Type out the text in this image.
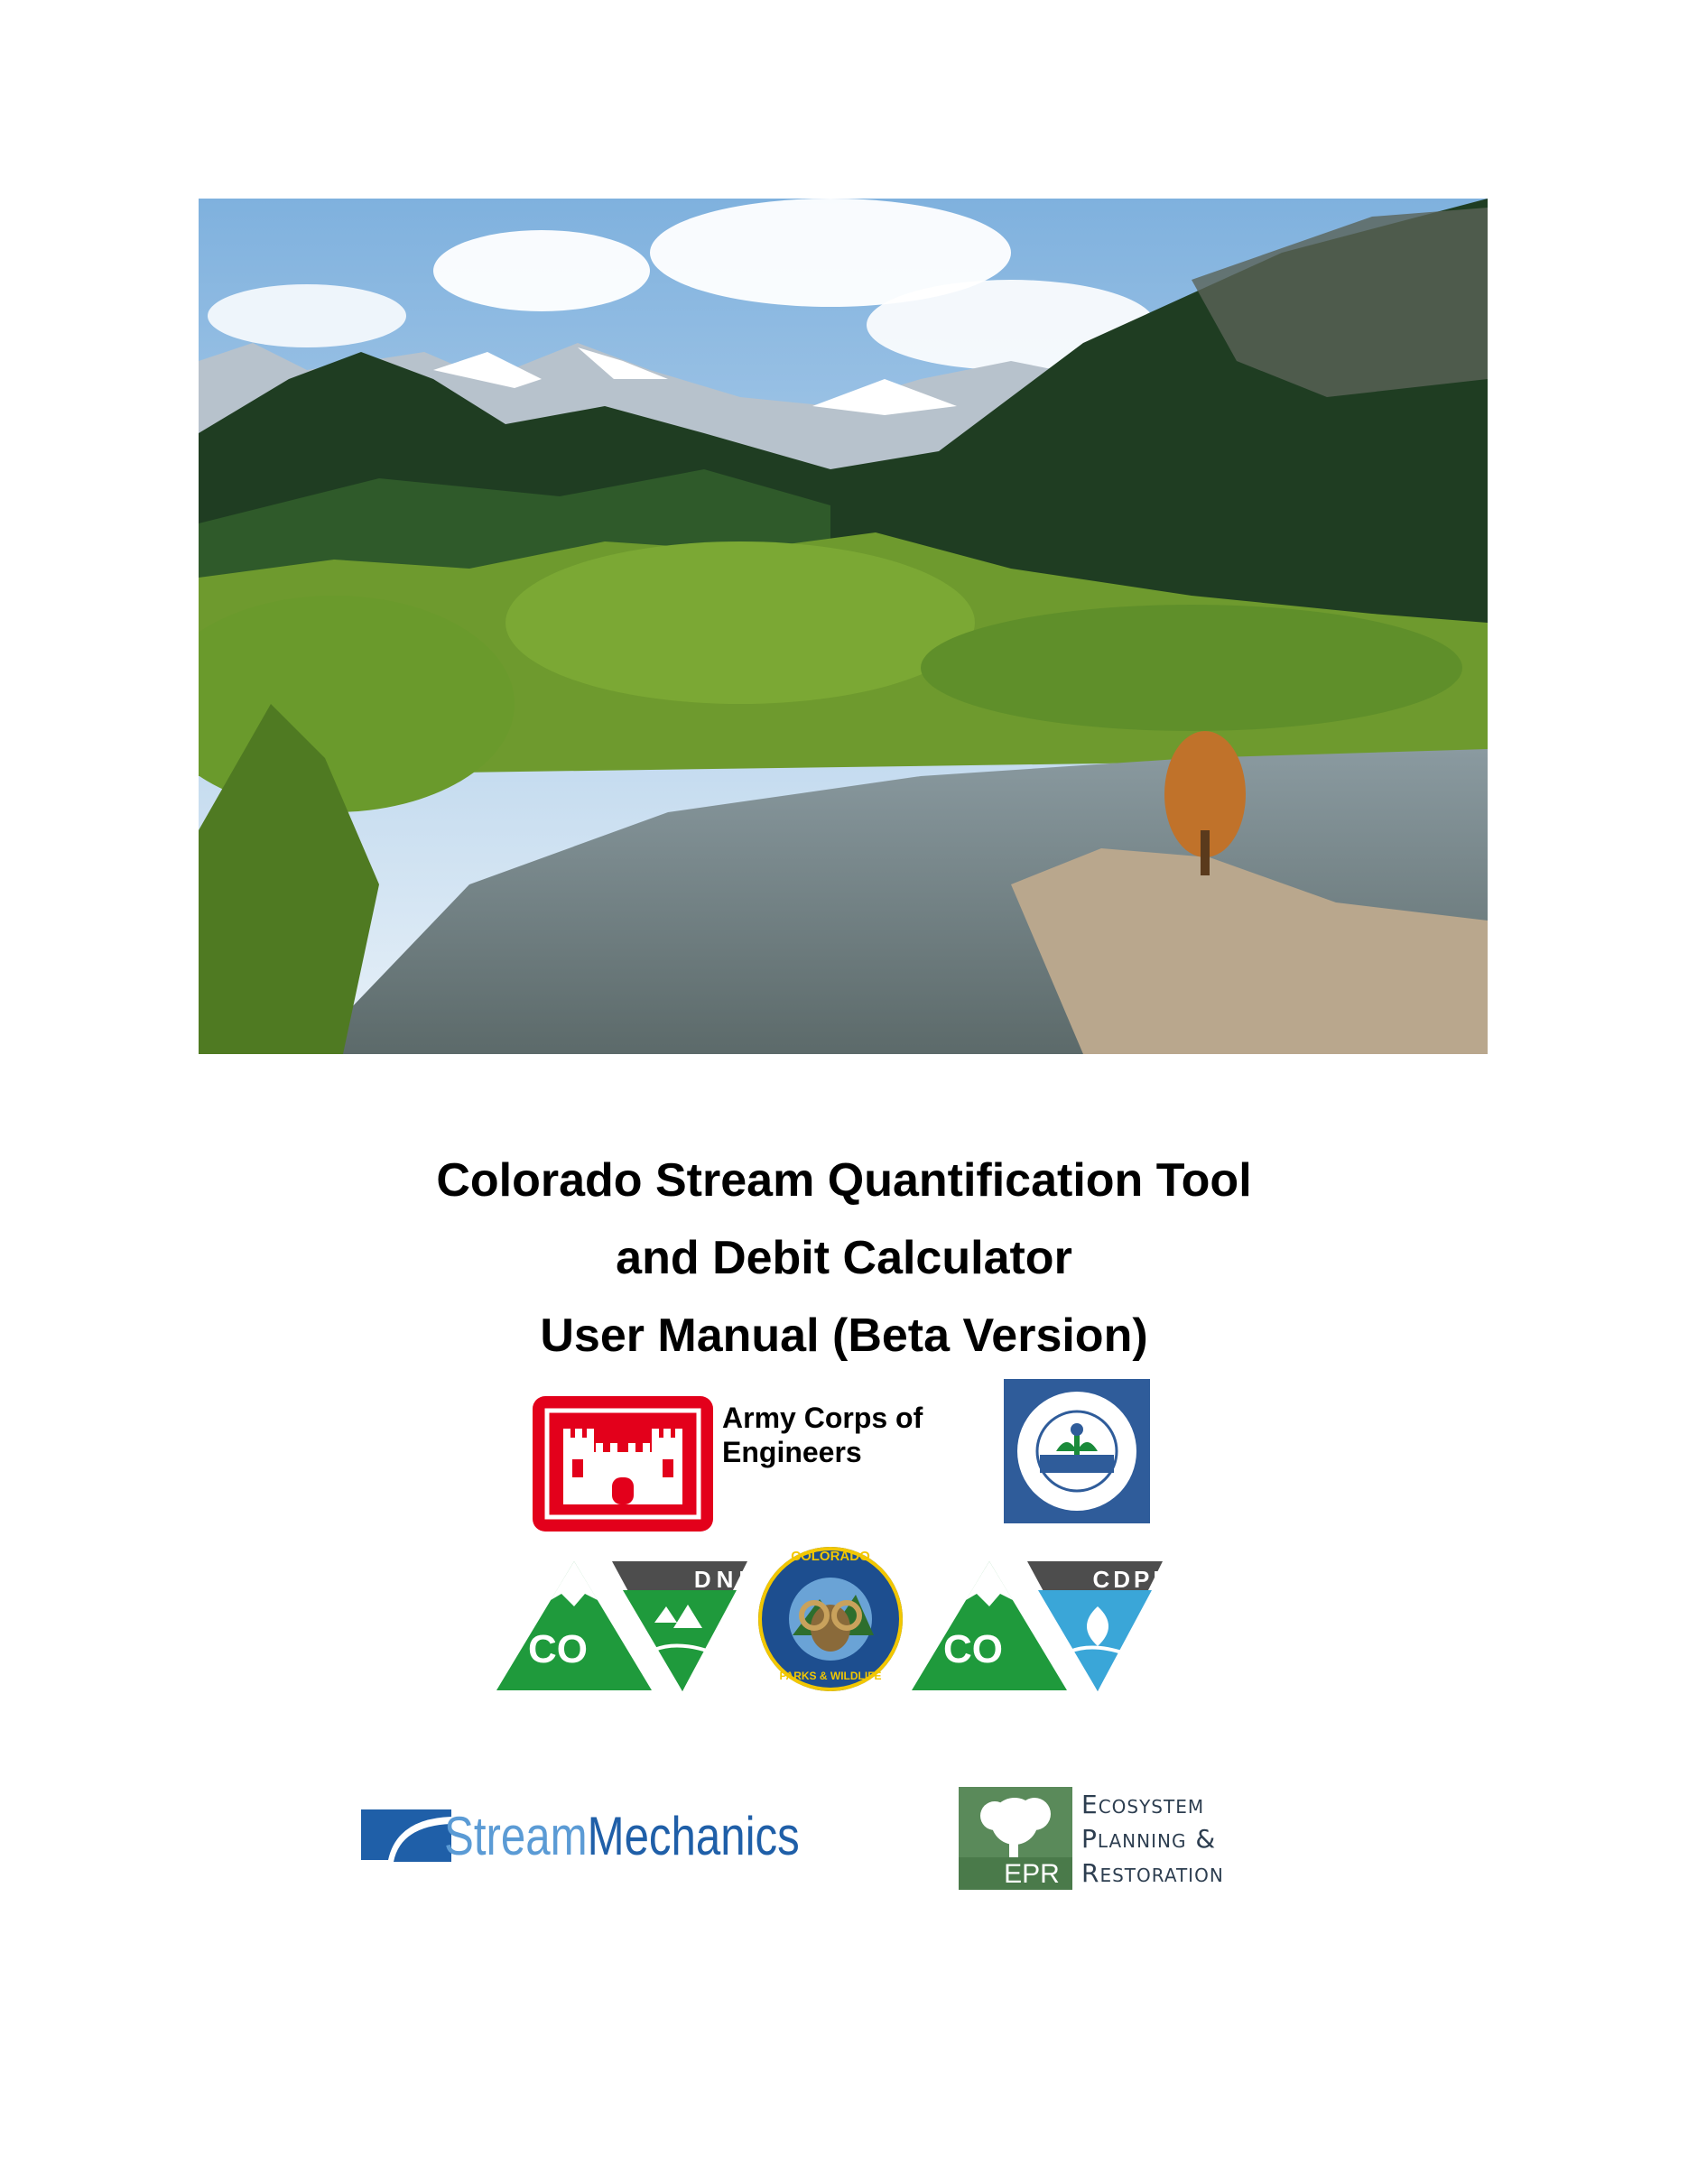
Colorado Stream Quantification Tool
and Debit Calculator
User Manual (Beta Version)
Army Corps of
Engineers
CO
DNR
COLORADO
PARKS & WILDLIFE
CO
CDPHE
StreamMechanics
EPR
Ecosystem
Planning &
Restoration
